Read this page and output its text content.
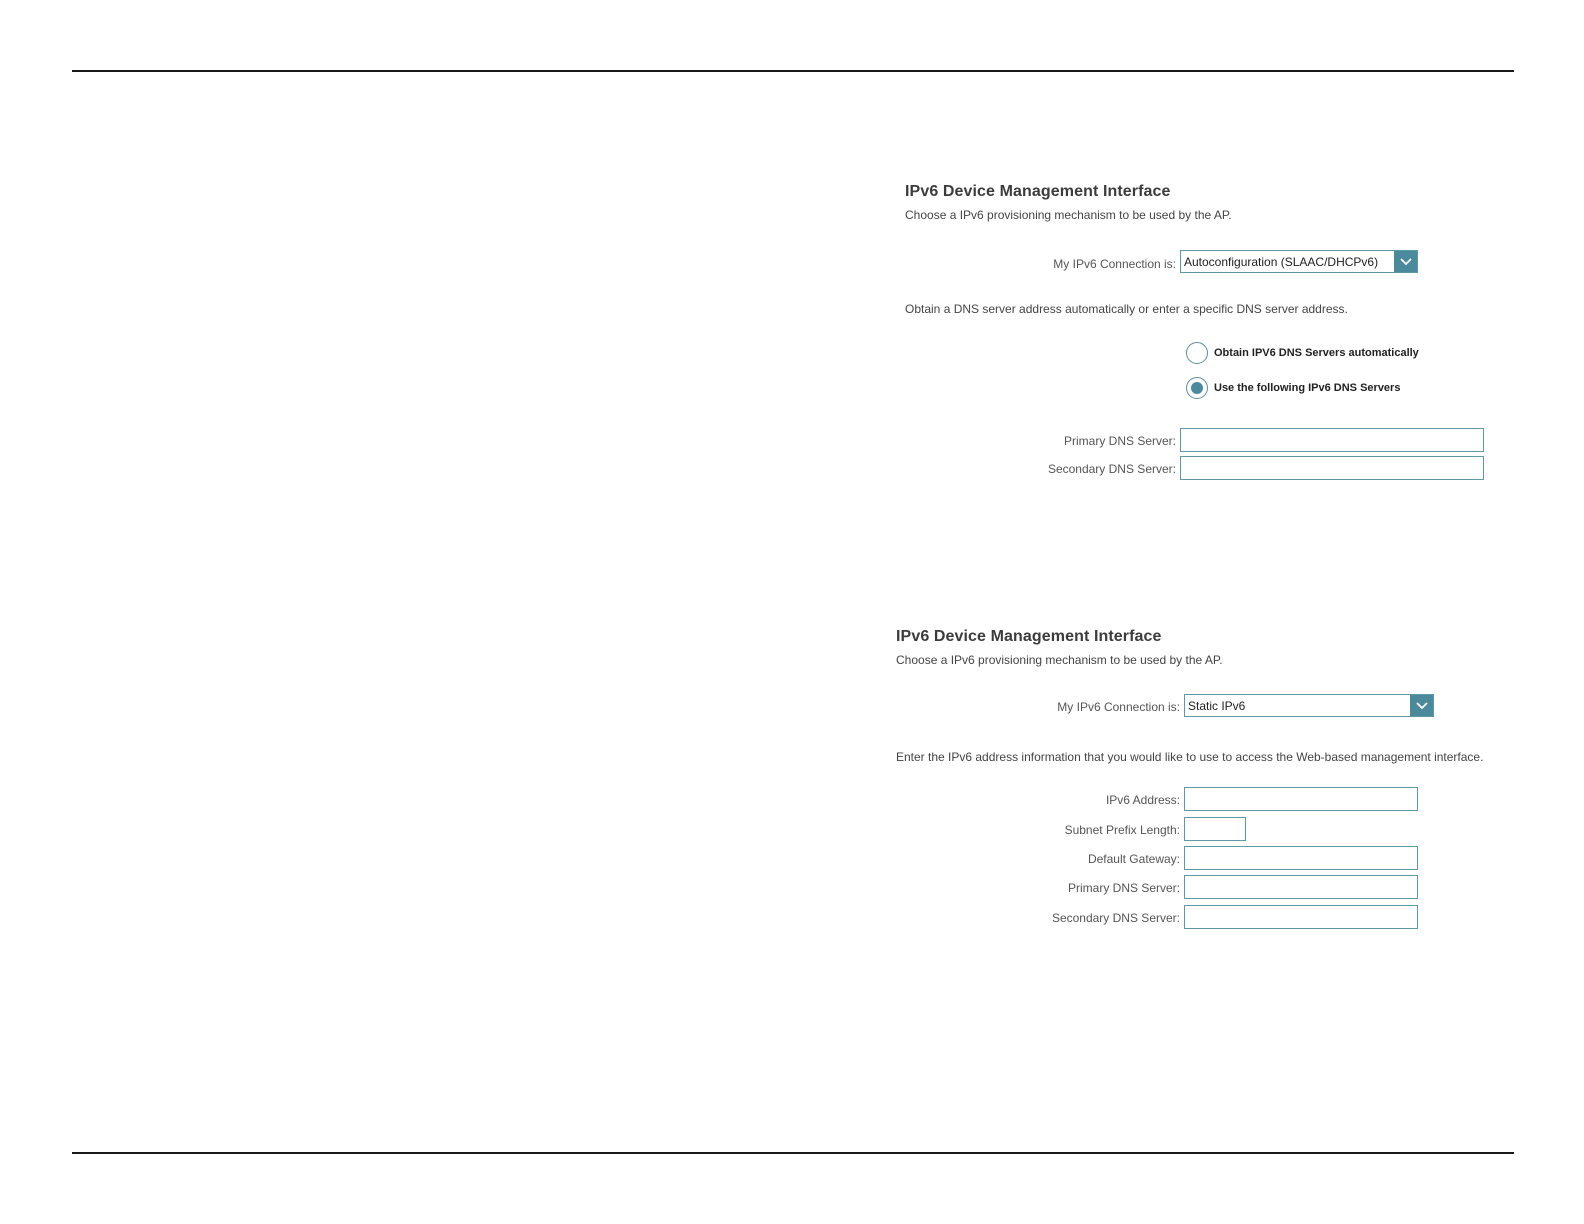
IPv6 Device Management Interface
Choose a IPv6 provisioning mechanism to be used by the AP.
My IPv6 Connection is: Autoconfiguration (SLAAC/DHCPv6)
Obtain a DNS server address automatically or enter a specific DNS server address.
Obtain IPV6 DNS Servers automatically
Use the following IPv6 DNS Servers
Primary DNS Server:
Secondary DNS Server:
IPv6 Device Management Interface
Choose a IPv6 provisioning mechanism to be used by the AP.
My IPv6 Connection is: Static IPv6
Enter the IPv6 address information that you would like to use to access the Web-based management interface.
IPv6 Address:
Subnet Prefix Length:
Default Gateway:
Primary DNS Server:
Secondary DNS Server:
